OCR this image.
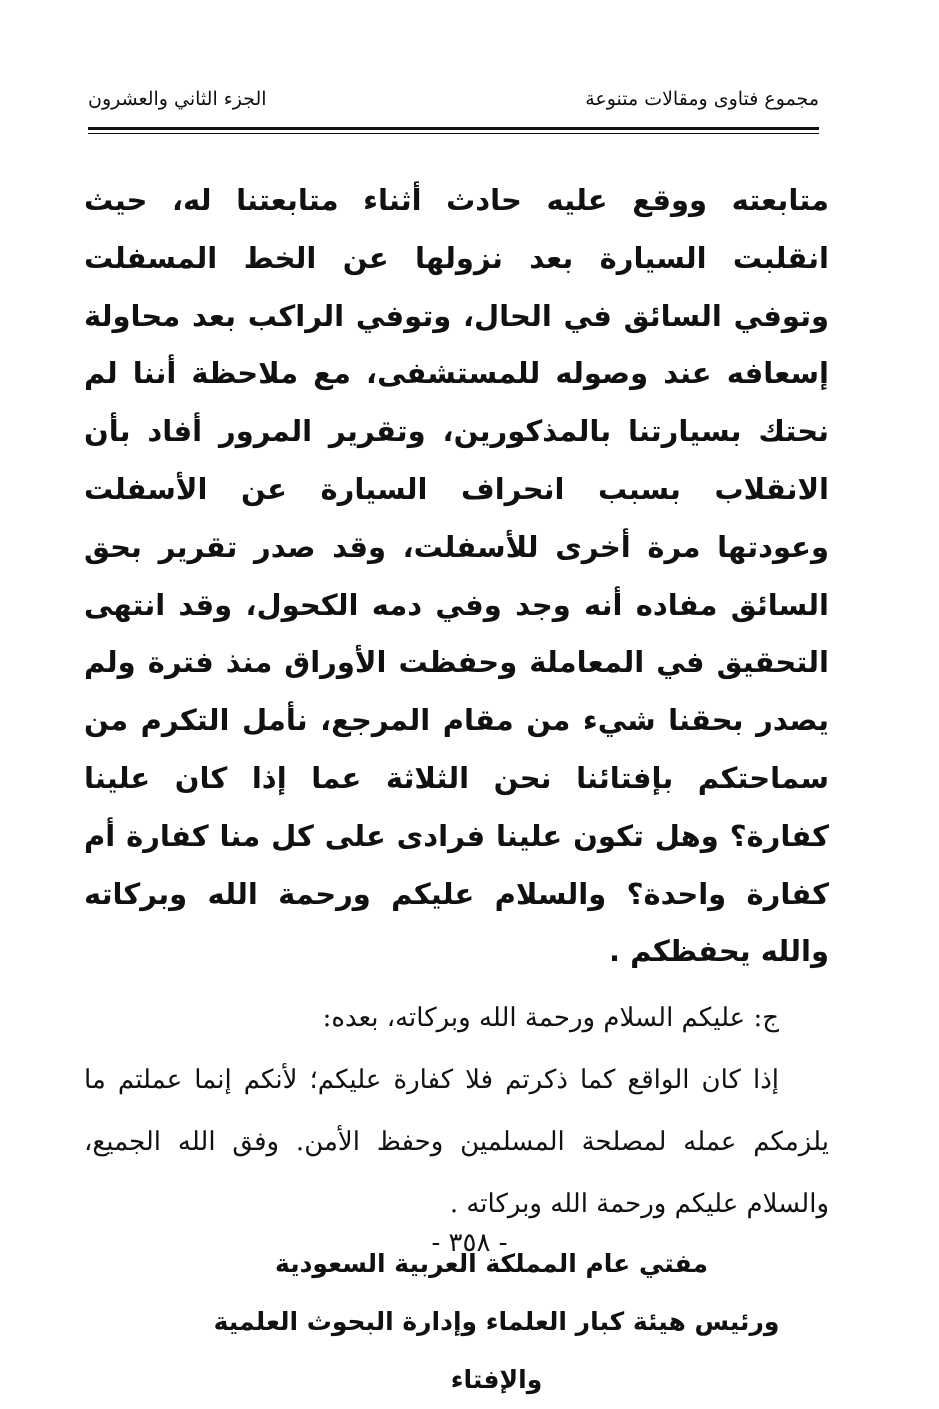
مجموع فتاوى ومقالات متنوعة
الجزء الثاني والعشرون

متابعته ووقع عليه حادث أثناء متابعتنا له، حيث انقلبت السيارة بعد نزولها عن الخط المسفلت وتوفي السائق في الحال، وتوفي الراكب بعد محاولة إسعافه عند وصوله للمستشفى، مع ملاحظة أننا لم نحتك بسيارتنا بالمذكورين، وتقرير المرور أفاد بأن الانقلاب بسبب انحراف السيارة عن الأسفلت وعودتها مرة أخرى للأسفلت، وقد صدر تقرير بحق السائق مفاده أنه وجد وفي دمه الكحول، وقد انتهى التحقيق في المعاملة وحفظت الأوراق منذ فترة ولم يصدر بحقنا شيء من مقام المرجع، نأمل التكرم من سماحتكم بإفتائنا نحن الثلاثة عما إذا كان علينا كفارة؟ وهل تكون علينا فرادى على كل منا كفارة أم كفارة واحدة؟ والسلام عليكم ورحمة الله وبركاته والله يحفظكم .

ج: عليكم السلام ورحمة الله وبركاته، بعده:

إذا كان الواقع كما ذكرتم فلا كفارة عليكم؛ لأنكم إنما عملتم ما يلزمكم عمله لمصلحة المسلمين وحفظ الأمن. وفق الله الجميع، والسلام عليكم ورحمة الله وبركاته .

مفتي عام المملكة العربية السعودية

ورئيس هيئة كبار العلماء وإدارة البحوث العلمية والإفتاء

- ٣٥٨ -
